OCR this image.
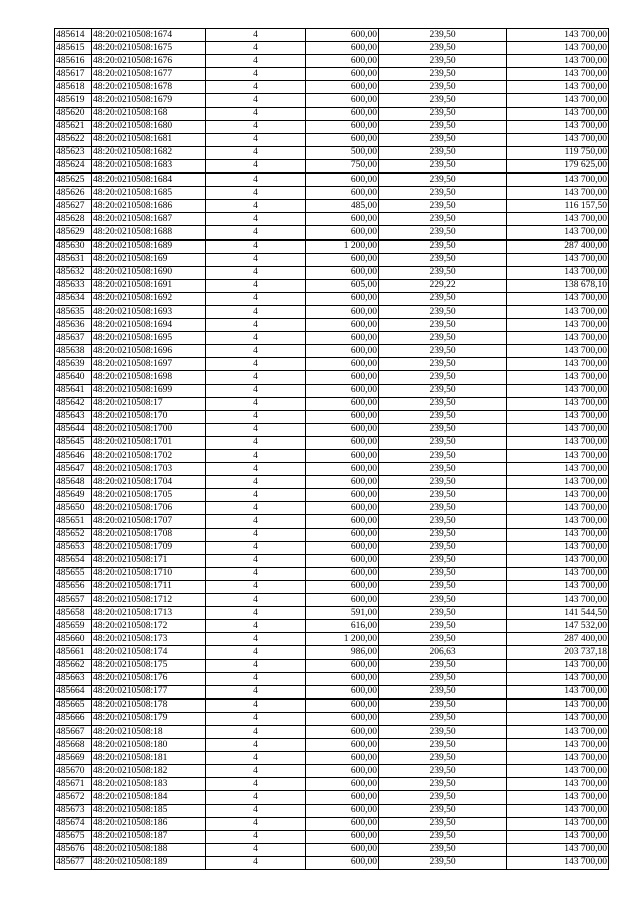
485614	48:20:0210508:1674	4	600,00	239,50	143 700,00
485615	48:20:0210508:1675	4	600,00	239,50	143 700,00
485616	48:20:0210508:1676	4	600,00	239,50	143 700,00
485617	48:20:0210508:1677	4	600,00	239,50	143 700,00
485618	48:20:0210508:1678	4	600,00	239,50	143 700,00
485619	48:20:0210508:1679	4	600,00	239,50	143 700,00
485620	48:20:0210508:168	4	600,00	239,50	143 700,00
485621	48:20:0210508:1680	4	600,00	239,50	143 700,00
485622	48:20:0210508:1681	4	600,00	239,50	143 700,00
485623	48:20:0210508:1682	4	500,00	239,50	119 750,00
485624	48:20:0210508:1683	4	750,00	239,50	179 625,00
485625	48:20:0210508:1684	4	600,00	239,50	143 700,00
485626	48:20:0210508:1685	4	600,00	239,50	143 700,00
485627	48:20:0210508:1686	4	485,00	239,50	116 157,50
485628	48:20:0210508:1687	4	600,00	239,50	143 700,00
485629	48:20:0210508:1688	4	600,00	239,50	143 700,00
485630	48:20:0210508:1689	4	1 200,00	239,50	287 400,00
485631	48:20:0210508:169	4	600,00	239,50	143 700,00
485632	48:20:0210508:1690	4	600,00	239,50	143 700,00
485633	48:20:0210508:1691	4	605,00	229,22	138 678,10
485634	48:20:0210508:1692	4	600,00	239,50	143 700,00
485635	48:20:0210508:1693	4	600,00	239,50	143 700,00
485636	48:20:0210508:1694	4	600,00	239,50	143 700,00
485637	48:20:0210508:1695	4	600,00	239,50	143 700,00
485638	48:20:0210508:1696	4	600,00	239,50	143 700,00
485639	48:20:0210508:1697	4	600,00	239,50	143 700,00
485640	48:20:0210508:1698	4	600,00	239,50	143 700,00
485641	48:20:0210508:1699	4	600,00	239,50	143 700,00
485642	48:20:0210508:17	4	600,00	239,50	143 700,00
485643	48:20:0210508:170	4	600,00	239,50	143 700,00
485644	48:20:0210508:1700	4	600,00	239,50	143 700,00
485645	48:20:0210508:1701	4	600,00	239,50	143 700,00
485646	48:20:0210508:1702	4	600,00	239,50	143 700,00
485647	48:20:0210508:1703	4	600,00	239,50	143 700,00
485648	48:20:0210508:1704	4	600,00	239,50	143 700,00
485649	48:20:0210508:1705	4	600,00	239,50	143 700,00
485650	48:20:0210508:1706	4	600,00	239,50	143 700,00
485651	48:20:0210508:1707	4	600,00	239,50	143 700,00
485652	48:20:0210508:1708	4	600,00	239,50	143 700,00
485653	48:20:0210508:1709	4	600,00	239,50	143 700,00
485654	48:20:0210508:171	4	600,00	239,50	143 700,00
485655	48:20:0210508:1710	4	600,00	239,50	143 700,00
485656	48:20:0210508:1711	4	600,00	239,50	143 700,00
485657	48:20:0210508:1712	4	600,00	239,50	143 700,00
485658	48:20:0210508:1713	4	591,00	239,50	141 544,50
485659	48:20:0210508:172	4	616,00	239,50	147 532,00
485660	48:20:0210508:173	4	1 200,00	239,50	287 400,00
485661	48:20:0210508:174	4	986,00	206,63	203 737,18
485662	48:20:0210508:175	4	600,00	239,50	143 700,00
485663	48:20:0210508:176	4	600,00	239,50	143 700,00
485664	48:20:0210508:177	4	600,00	239,50	143 700,00
485665	48:20:0210508:178	4	600,00	239,50	143 700,00
485666	48:20:0210508:179	4	600,00	239,50	143 700,00
485667	48:20:0210508:18	4	600,00	239,50	143 700,00
485668	48:20:0210508:180	4	600,00	239,50	143 700,00
485669	48:20:0210508:181	4	600,00	239,50	143 700,00
485670	48:20:0210508:182	4	600,00	239,50	143 700,00
485671	48:20:0210508:183	4	600,00	239,50	143 700,00
485672	48:20:0210508:184	4	600,00	239,50	143 700,00
485673	48:20:0210508:185	4	600,00	239,50	143 700,00
485674	48:20:0210508:186	4	600,00	239,50	143 700,00
485675	48:20:0210508:187	4	600,00	239,50	143 700,00
485676	48:20:0210508:188	4	600,00	239,50	143 700,00
485677	48:20:0210508:189	4	600,00	239,50	143 700,00
